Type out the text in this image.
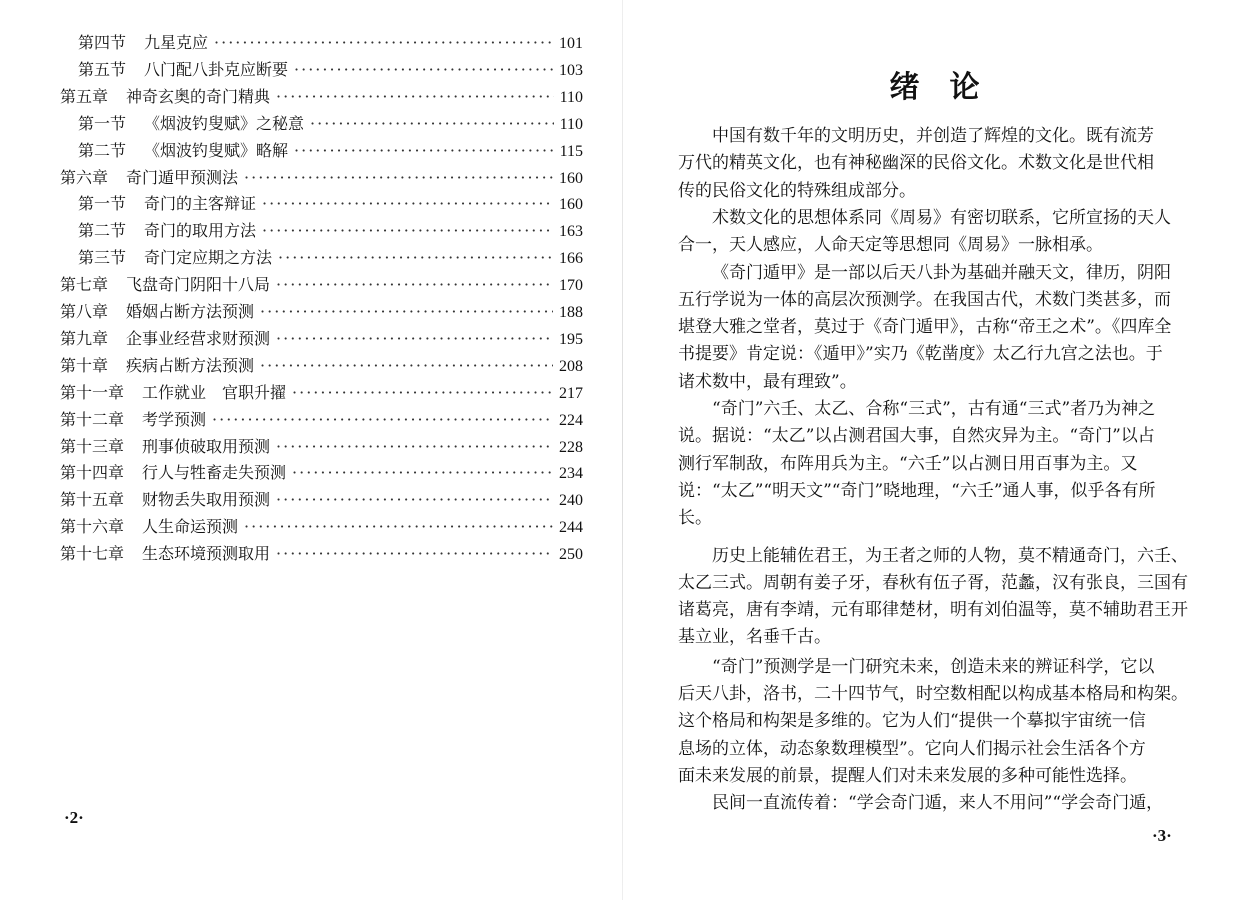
第四节 九星克应 ·····	101
第五节 八门配八卦克应断要 ·····	103
第五章 神奇玄奥的奇门精典 ·····	110
第一节 《烟波钓叟赋》之秘意 ·····	110
第二节 《烟波钓叟赋》略解 ·····	115
第六章 奇门遁甲预测法 ·····	160
第一节 奇门的主客辩证 ·····	160
第二节 奇门的取用方法 ·····	163
第三节 奇门定应期之方法 ·····	166
第七章 飞盘奇门阴阳十八局 ·····	170
第八章 婚姻占断方法预测 ·····	188
第九章 企事业经营求财预测 ·····	195
第十章 疾病占断方法预测 ·····	208
第十一章 工作就业　官职升擢 ·····	217
第十二章 考学预测 ·····	224
第十三章 刑事侦破取用预测 ·····	228
第十四章 行人与牲畜走失预测 ·····	234
第十五章 财物丢失取用预测 ·····	240
第十六章 人生命运预测 ·····	244
第十七章 生态环境预测取用 ·····	250
·2·
绪论
·3·
中国有数千年的文明历史，并创造了辉煌的文化。既有流芳
万代的精英文化，也有神秘幽深的民俗文化。术数文化是世代相
传的民俗文化的特殊组成部分。
术数文化的思想体系同《周易》有密切联系，它所宣扬的天人
合一，天人感应，人命天定等思想同《周易》一脉相承。
《奇门遁甲》是一部以后天八卦为基础并融天文，律历，阴阳
五行学说为一体的高层次预测学。在我国古代，术数门类甚多，而
堪登大雅之堂者，莫过于《奇门遁甲》，古称“帝王之术”。《四库全
书提要》肯定说：《遁甲》”实乃《乾凿度》太乙行九宫之法也。于
诸术数中，最有理致”。
“奇门”六壬、太乙、合称“三式”，古有通“三式”者乃为神之
说。据说：“太乙”以占测君国大事，自然灾异为主。“奇门”以占
测行军制敌，布阵用兵为主。“六壬”以占测日用百事为主。又
说：“太乙”“明天文”“奇门”晓地理，“六壬”通人事，似乎各有所
长。
历史上能辅佐君王，为王者之师的人物，莫不精通奇门，六壬、
太乙三式。周朝有姜子牙，春秋有伍子胥，范蠡，汉有张良，三国有
诸葛亮，唐有李靖，元有耶律楚材，明有刘伯温等，莫不辅助君王开
基立业，名垂千古。
“奇门”预测学是一门研究未来，创造未来的辨证科学，它以
后天八卦，洛书，二十四节气，时空数相配以构成基本格局和构架。
这个格局和构架是多维的。它为人们“提供一个摹拟宇宙统一信
息场的立体，动态象数理模型”。它向人们揭示社会生活各个方
面未来发展的前景，提醒人们对未来发展的多种可能性选择。
民间一直流传着：“学会奇门遁，来人不用问”“学会奇门遁，
